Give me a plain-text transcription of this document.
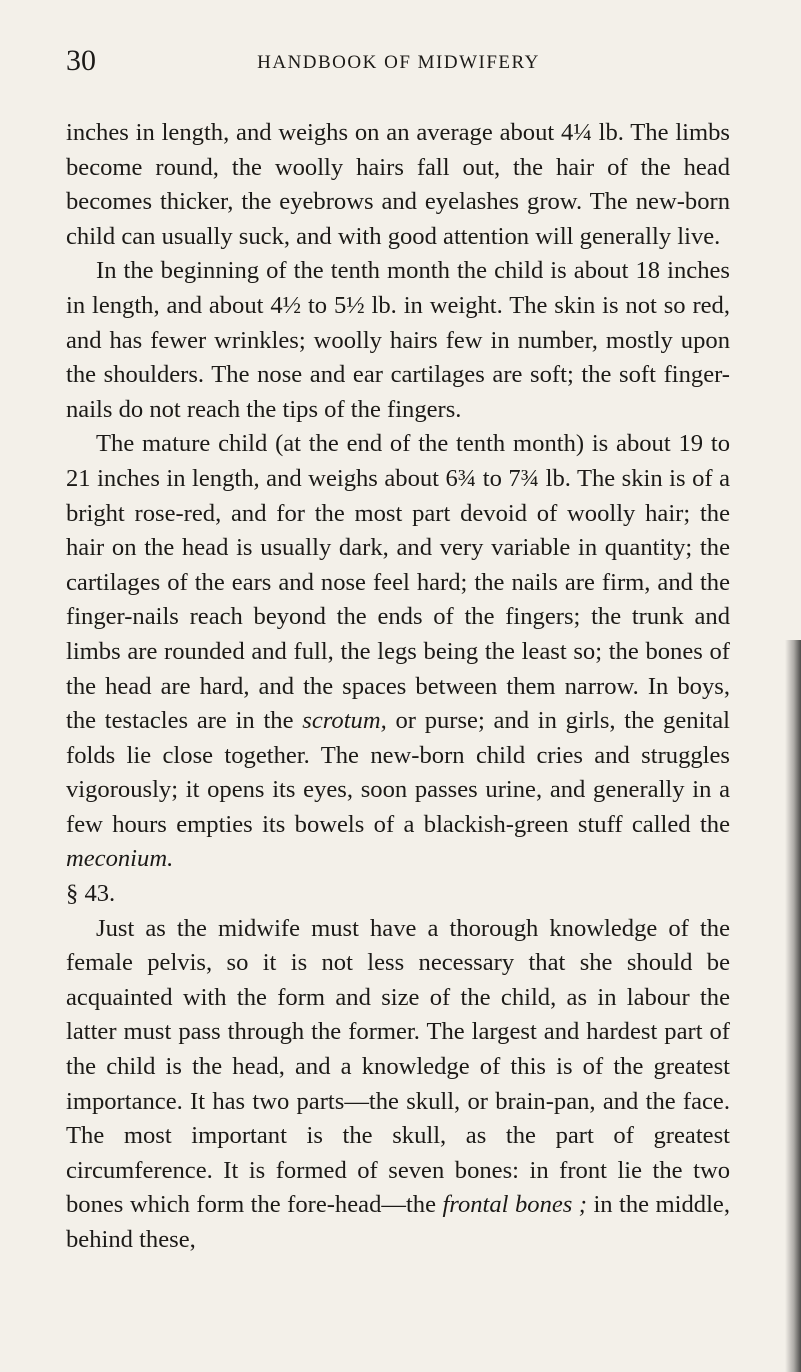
30	HANDBOOK OF MIDWIFERY

inches in length, and weighs on an average about 4¼ lb. The limbs become round, the woolly hairs fall out, the hair of the head becomes thicker, the eyebrows and eyelashes grow. The new-born child can usually suck, and with good attention will generally live.

In the beginning of the tenth month the child is about 18 inches in length, and about 4½ to 5½ lb. in weight. The skin is not so red, and has fewer wrinkles; woolly hairs few in number, mostly upon the shoulders. The nose and ear cartilages are soft; the soft finger-nails do not reach the tips of the fingers.

The mature child (at the end of the tenth month) is about 19 to 21 inches in length, and weighs about 6¾ to 7¾ lb. The skin is of a bright rose-red, and for the most part devoid of woolly hair; the hair on the head is usually dark, and very variable in quantity; the cartilages of the ears and nose feel hard; the nails are firm, and the finger-nails reach beyond the ends of the fingers; the trunk and limbs are rounded and full, the legs being the least so; the bones of the head are hard, and the spaces between them narrow. In boys, the testacles are in the scrotum, or purse; and in girls, the genital folds lie close together. The new-born child cries and struggles vigorously; it opens its eyes, soon passes urine, and generally in a few hours empties its bowels of a blackish-green stuff called the meconium.

§ 43.

Just as the midwife must have a thorough knowledge of the female pelvis, so it is not less necessary that she should be acquainted with the form and size of the child, as in labour the latter must pass through the former. The largest and hardest part of the child is the head, and a knowledge of this is of the greatest importance. It has two parts—the skull, or brain-pan, and the face. The most important is the skull, as the part of greatest circumference. It is formed of seven bones: in front lie the two bones which form the fore-head—the frontal bones ; in the middle, behind these,
